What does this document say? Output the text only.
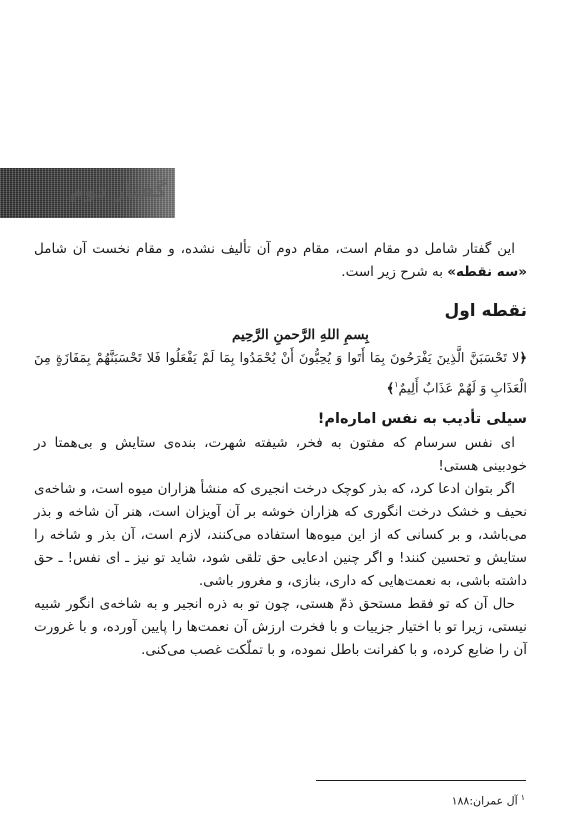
گفتار دوم

این گفتار شامل دو مقام است، مقام دوم آن تألیف نشده، و مقام نخست آن شامل «سه نقطه» به شرح زیر است.

نقطه اول

بِسمِ اللهِ الرَّحمنِ الرَّحِيم

﴿لا تَحْسَبَنَّ الَّذِينَ يَفْرَحُونَ بِمَا أَتَوا وَ يُحِبُّونَ أَنْ يُحْمَدُوا بِمَا لَمْ يَفْعَلُوا فَلا تَحْسَبَنَّهُمْ بِمَفَازَةٍ مِنَ الْعَذَابِ وَ لَهُمْ عَذَابٌ أَلِيمٌ$^١$﴾

سیلی تأدیب به نفس اماره‌ام!

ای نفس سرسام که مفتون به فخر، شیفته شهرت، بنده‌ی ستایش و بی‌همتا در خودبینی هستی!

اگر بتوان ادعا کرد، که بذر کوچک درخت انجیری که منشأ هزاران میوه است، و شاخه‌ی نحیف و خشک درخت انگوری که هزاران خوشه بر آن آویزان است، هنر آن شاخه و بذر می‌باشد، و بر کسانی که از این میوه‌ها استفاده می‌کنند، لازم است، آن بذر و شاخه را ستایش و تحسین کنند! و اگر چنین ادعایی حق تلقی شود، شاید تو نیز ـ ای نفس! ـ حق داشته باشی، به نعمت‌هایی که داری، بنازی، و مغرور باشی.

حال آن که تو فقط مستحق ذمّ هستی، چون تو به ذره انجیر و به شاخه‌ی انگور شبیه نیستی، زیرا تو با اختیار جزییات و با فخرت ارزش آن نعمت‌ها را پایین آورده، و با غرورت آن را ضایع کرده، و با کفرانت باطل نموده، و با تملّکت غصب می‌کنی.

$^١$آل عمران:۱۸۸
